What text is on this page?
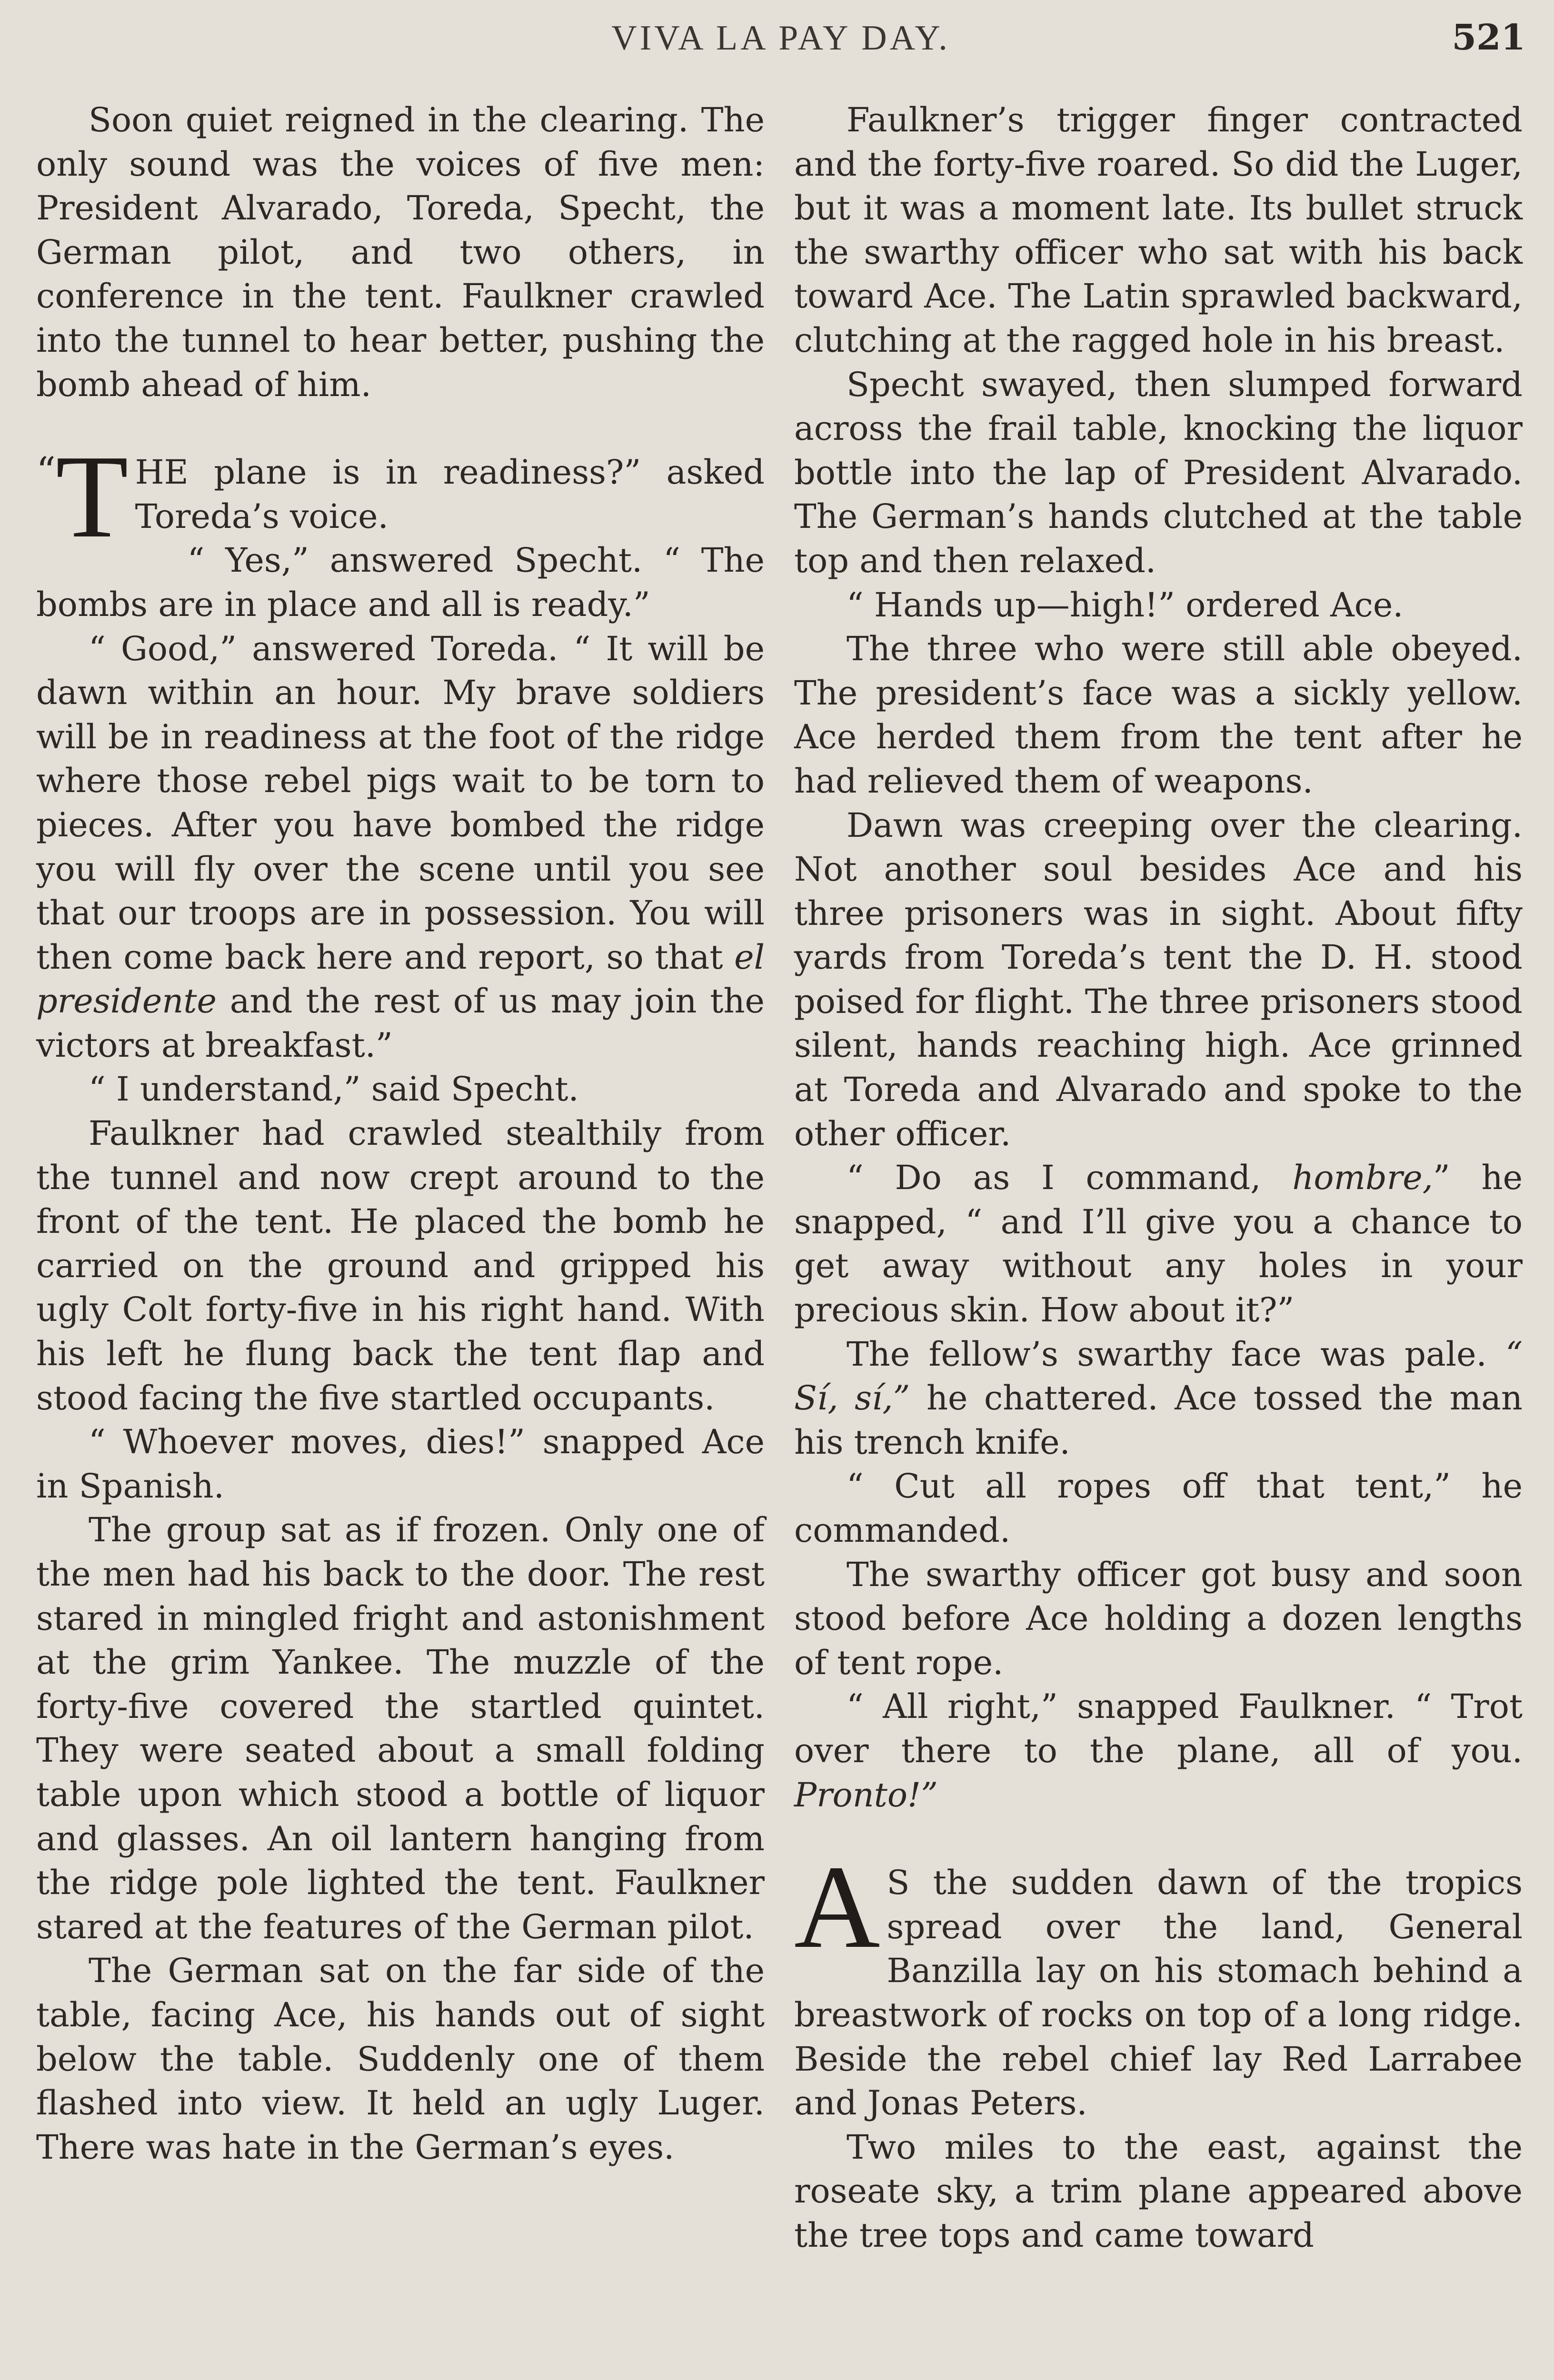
VIVA LA PAY DAY.	521

Soon quiet reigned in the clearing. The only sound was the voices of five men: President Alvarado, Toreda, Specht, the German pilot, and two others, in conference in the tent. Faulkner crawled into the tunnel to hear better, pushing the bomb ahead of him.

“ T HE plane is in readiness?” asked Toreda’s voice.

“ Yes,” answered Specht. “ The bombs are in place and all is ready.”

“ Good,” answered Toreda. “ It will be dawn within an hour. My brave soldiers will be in readiness at the foot of the ridge where those rebel pigs wait to be torn to pieces. After you have bombed the ridge you will fly over the scene until you see that our troops are in possession. You will then come back here and report, so that el presidente and the rest of us may join the victors at breakfast.”

“ I understand,” said Specht.

Faulkner had crawled stealthily from the tunnel and now crept around to the front of the tent. He placed the bomb he carried on the ground and gripped his ugly Colt forty-five in his right hand. With his left he flung back the tent flap and stood facing the five startled occupants.

“ Whoever moves, dies!” snapped Ace in Spanish.

The group sat as if frozen. Only one of the men had his back to the door. The rest stared in mingled fright and astonishment at the grim Yankee. The muzzle of the forty-five covered the startled quintet. They were seated about a small folding table upon which stood a bottle of liquor and glasses. An oil lantern hanging from the ridge pole lighted the tent. Faulkner stared at the features of the German pilot.

The German sat on the far side of the table, facing Ace, his hands out of sight below the table. Suddenly one of them flashed into view. It held an ugly Luger. There was hate in the German’s eyes.

Faulkner’s trigger finger contracted and the forty-five roared. So did the Luger, but it was a moment late. Its bullet struck the swarthy officer who sat with his back toward Ace. The Latin sprawled backward, clutching at the ragged hole in his breast.

Specht swayed, then slumped forward across the frail table, knocking the liquor bottle into the lap of President Alvarado. The German’s hands clutched at the table top and then relaxed.

“ Hands up—high!” ordered Ace.

The three who were still able obeyed. The president’s face was a sickly yellow. Ace herded them from the tent after he had relieved them of weapons.

Dawn was creeping over the clearing. Not another soul besides Ace and his three prisoners was in sight. About fifty yards from Toreda’s tent the D. H. stood poised for flight. The three prisoners stood silent, hands reaching high. Ace grinned at Toreda and Alvarado and spoke to the other officer.

“ Do as I command, hombre,” he snapped, “ and I’ll give you a chance to get away without any holes in your precious skin. How about it?”

The fellow’s swarthy face was pale. “ Sí, sí,” he chattered. Ace tossed the man his trench knife.

“ Cut all ropes off that tent,” he commanded.

The swarthy officer got busy and soon stood before Ace holding a dozen lengths of tent rope.

“ All right,” snapped Faulkner. “ Trot over there to the plane, all of you. Pronto!”

A S the sudden dawn of the tropics spread over the land, General Banzilla lay on his stomach behind a breastwork of rocks on top of a long ridge. Beside the rebel chief lay Red Larrabee and Jonas Peters.

Two miles to the east, against the roseate sky, a trim plane appeared above the tree tops and came toward
